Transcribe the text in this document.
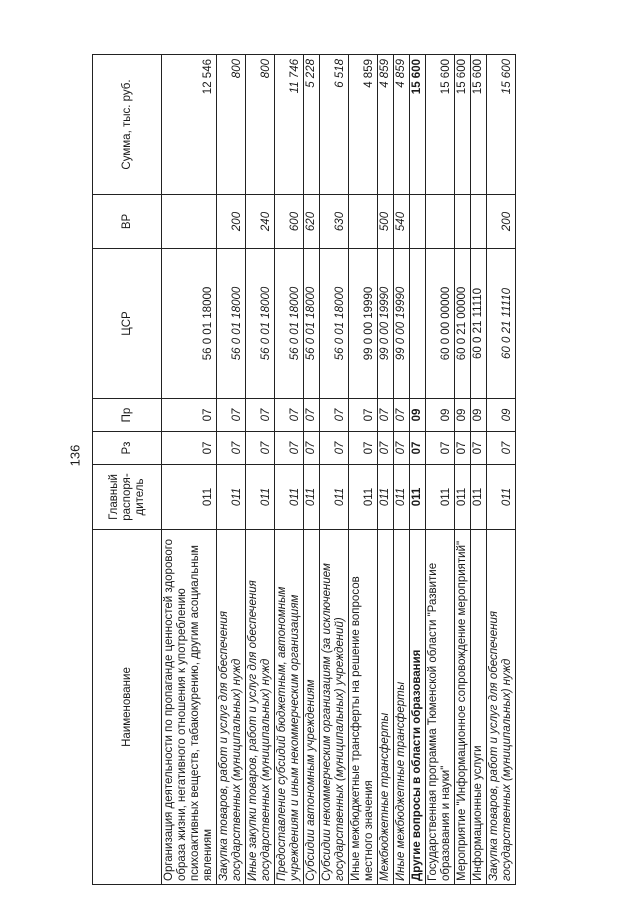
136
Наименование	Главный распоря-дитель	Рз	Пр	ЦСР	ВР	Сумма, тыс. руб.
Организация деятельности по пропаганде ценностей здорового образа жизни, негативного отношения к употреблению психоактивных веществ, табакокурению, другим асоциальным явлениям	011	07	07	56 0 01 18000		12 546
Закупка товаров, работ и услуг для обеспечения государственных (муниципальных) нужд	011	07	07	56 0 01 18000	200	800
Иные закупки товаров, работ и услуг для обеспечения государственных (муниципальных) нужд	011	07	07	56 0 01 18000	240	800
Предоставление субсидий бюджетным, автономным учреждениям и иным некоммерческим организациям	011	07	07	56 0 01 18000	600	11 746
Субсидии автономным учреждениям	011	07	07	56 0 01 18000	620	5 228
Субсидии некоммерческим организациям (за исключением государственных (муниципальных) учреждений)	011	07	07	56 0 01 18000	630	6 518
Иные межбюджетные трансферты на решение вопросов местного значения	011	07	07	99 0 00 19990		4 859
Межбюджетные трансферты	011	07	07	99 0 00 19990	500	4 859
Иные межбюджетные трансферты	011	07	07	99 0 00 19990	540	4 859
Другие вопросы в области образования	011	07	09			15 600
Государственная программа Тюменской области "Развитие образования и науки"	011	07	09	60 0 00 00000		15 600
Мероприятие "Информационное сопровождение мероприятий"	011	07	09	60 0 21 00000		15 600
Информационные услуги	011	07	09	60 0 21 11110		15 600
Закупка товаров, работ и услуг для обеспечения государственных (муниципальных) нужд	011	07	09	60 0 21 11110	200	15 600
